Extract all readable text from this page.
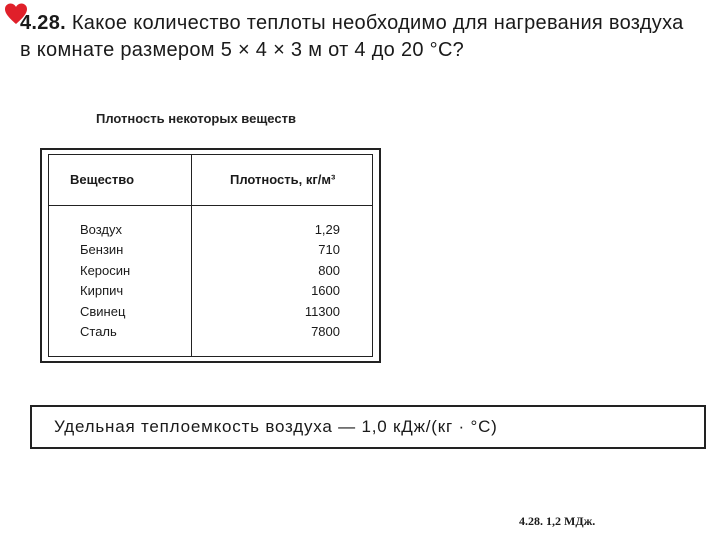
4.28. Какое количество теплоты необходимо для нагревания воздуха в комнате размером 5 × 4 × 3 м от 4 до 20 °С?
Плотность некоторых веществ
Вещество	Плотность, кг/м³
Воздух	1,29
Бензин	710
Керосин	800
Кирпич	1600
Свинец	11300
Сталь	7800
Удельная теплоемкость воздуха — 1,0 кДж/(кг · °С)
4.28. 1,2 МДж.
